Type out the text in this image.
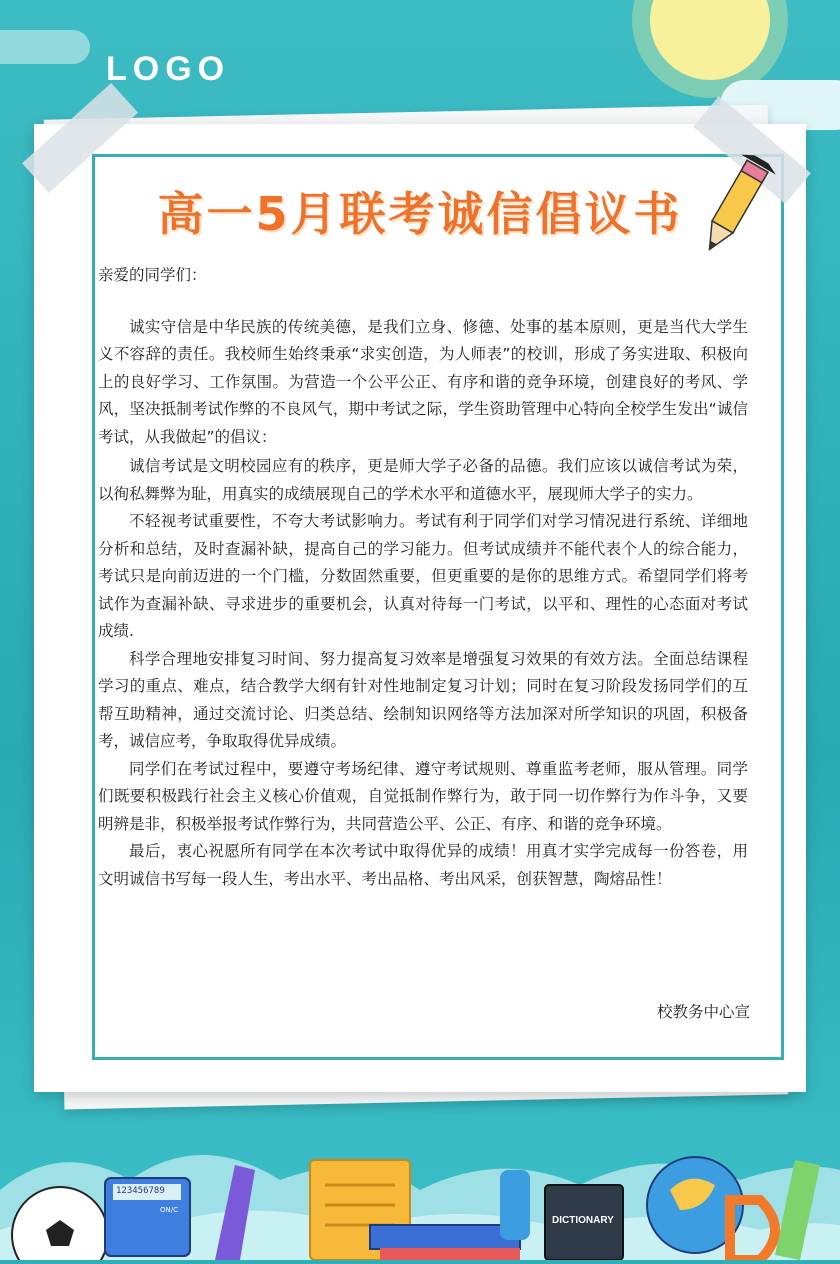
LOGO
高一5月联考诚信倡议书

亲爱的同学们：

诚实守信是中华民族的传统美德，是我们立身、修德、处事的基本原则，更是当代大学生义不容辞的责任。我校师生始终秉承“求实创造，为人师表”的校训，形成了务实进取、积极向上的良好学习、工作氛围。为营造一个公平公正、有序和谐的竞争环境，创建良好的考风、学风，坚决抵制考试作弊的不良风气，期中考试之际，学生资助管理中心特向全校学生发出“诚信考试，从我做起”的倡议：

诚信考试是文明校园应有的秩序，更是师大学子必备的品德。我们应该以诚信考试为荣，以徇私舞弊为耻，用真实的成绩展现自己的学术水平和道德水平，展现师大学子的实力。

不轻视考试重要性，不夸大考试影响力。考试有利于同学们对学习情况进行系统、详细地分析和总结，及时查漏补缺，提高自己的学习能力。但考试成绩并不能代表个人的综合能力，考试只是向前迈进的一个门槛，分数固然重要，但更重要的是你的思维方式。希望同学们将考试作为查漏补缺、寻求进步的重要机会，认真对待每一门考试，以平和、理性的心态面对考试成绩.

科学合理地安排复习时间、努力提高复习效率是增强复习效果的有效方法。全面总结课程学习的重点、难点，结合教学大纲有针对性地制定复习计划；同时在复习阶段发扬同学们的互帮互助精神，通过交流讨论、归类总结、绘制知识网络等方法加深对所学知识的巩固，积极备考，诚信应考，争取取得优异成绩。

同学们在考试过程中，要遵守考场纪律、遵守考试规则、尊重监考老师，服从管理。同学们既要积极践行社会主义核心价值观，自觉抵制作弊行为，敢于同一切作弊行为作斗争，又要明辨是非，积极举报考试作弊行为，共同营造公平、公正、有序、和谐的竞争环境。

最后，衷心祝愿所有同学在本次考试中取得优异的成绩！用真才实学完成每一份答卷，用文明诚信书写每一段人生，考出水平、考出品格、考出风采，创获智慧，陶熔品性！

校教务中心宣
123456789
ON/C
DICTIONARY
